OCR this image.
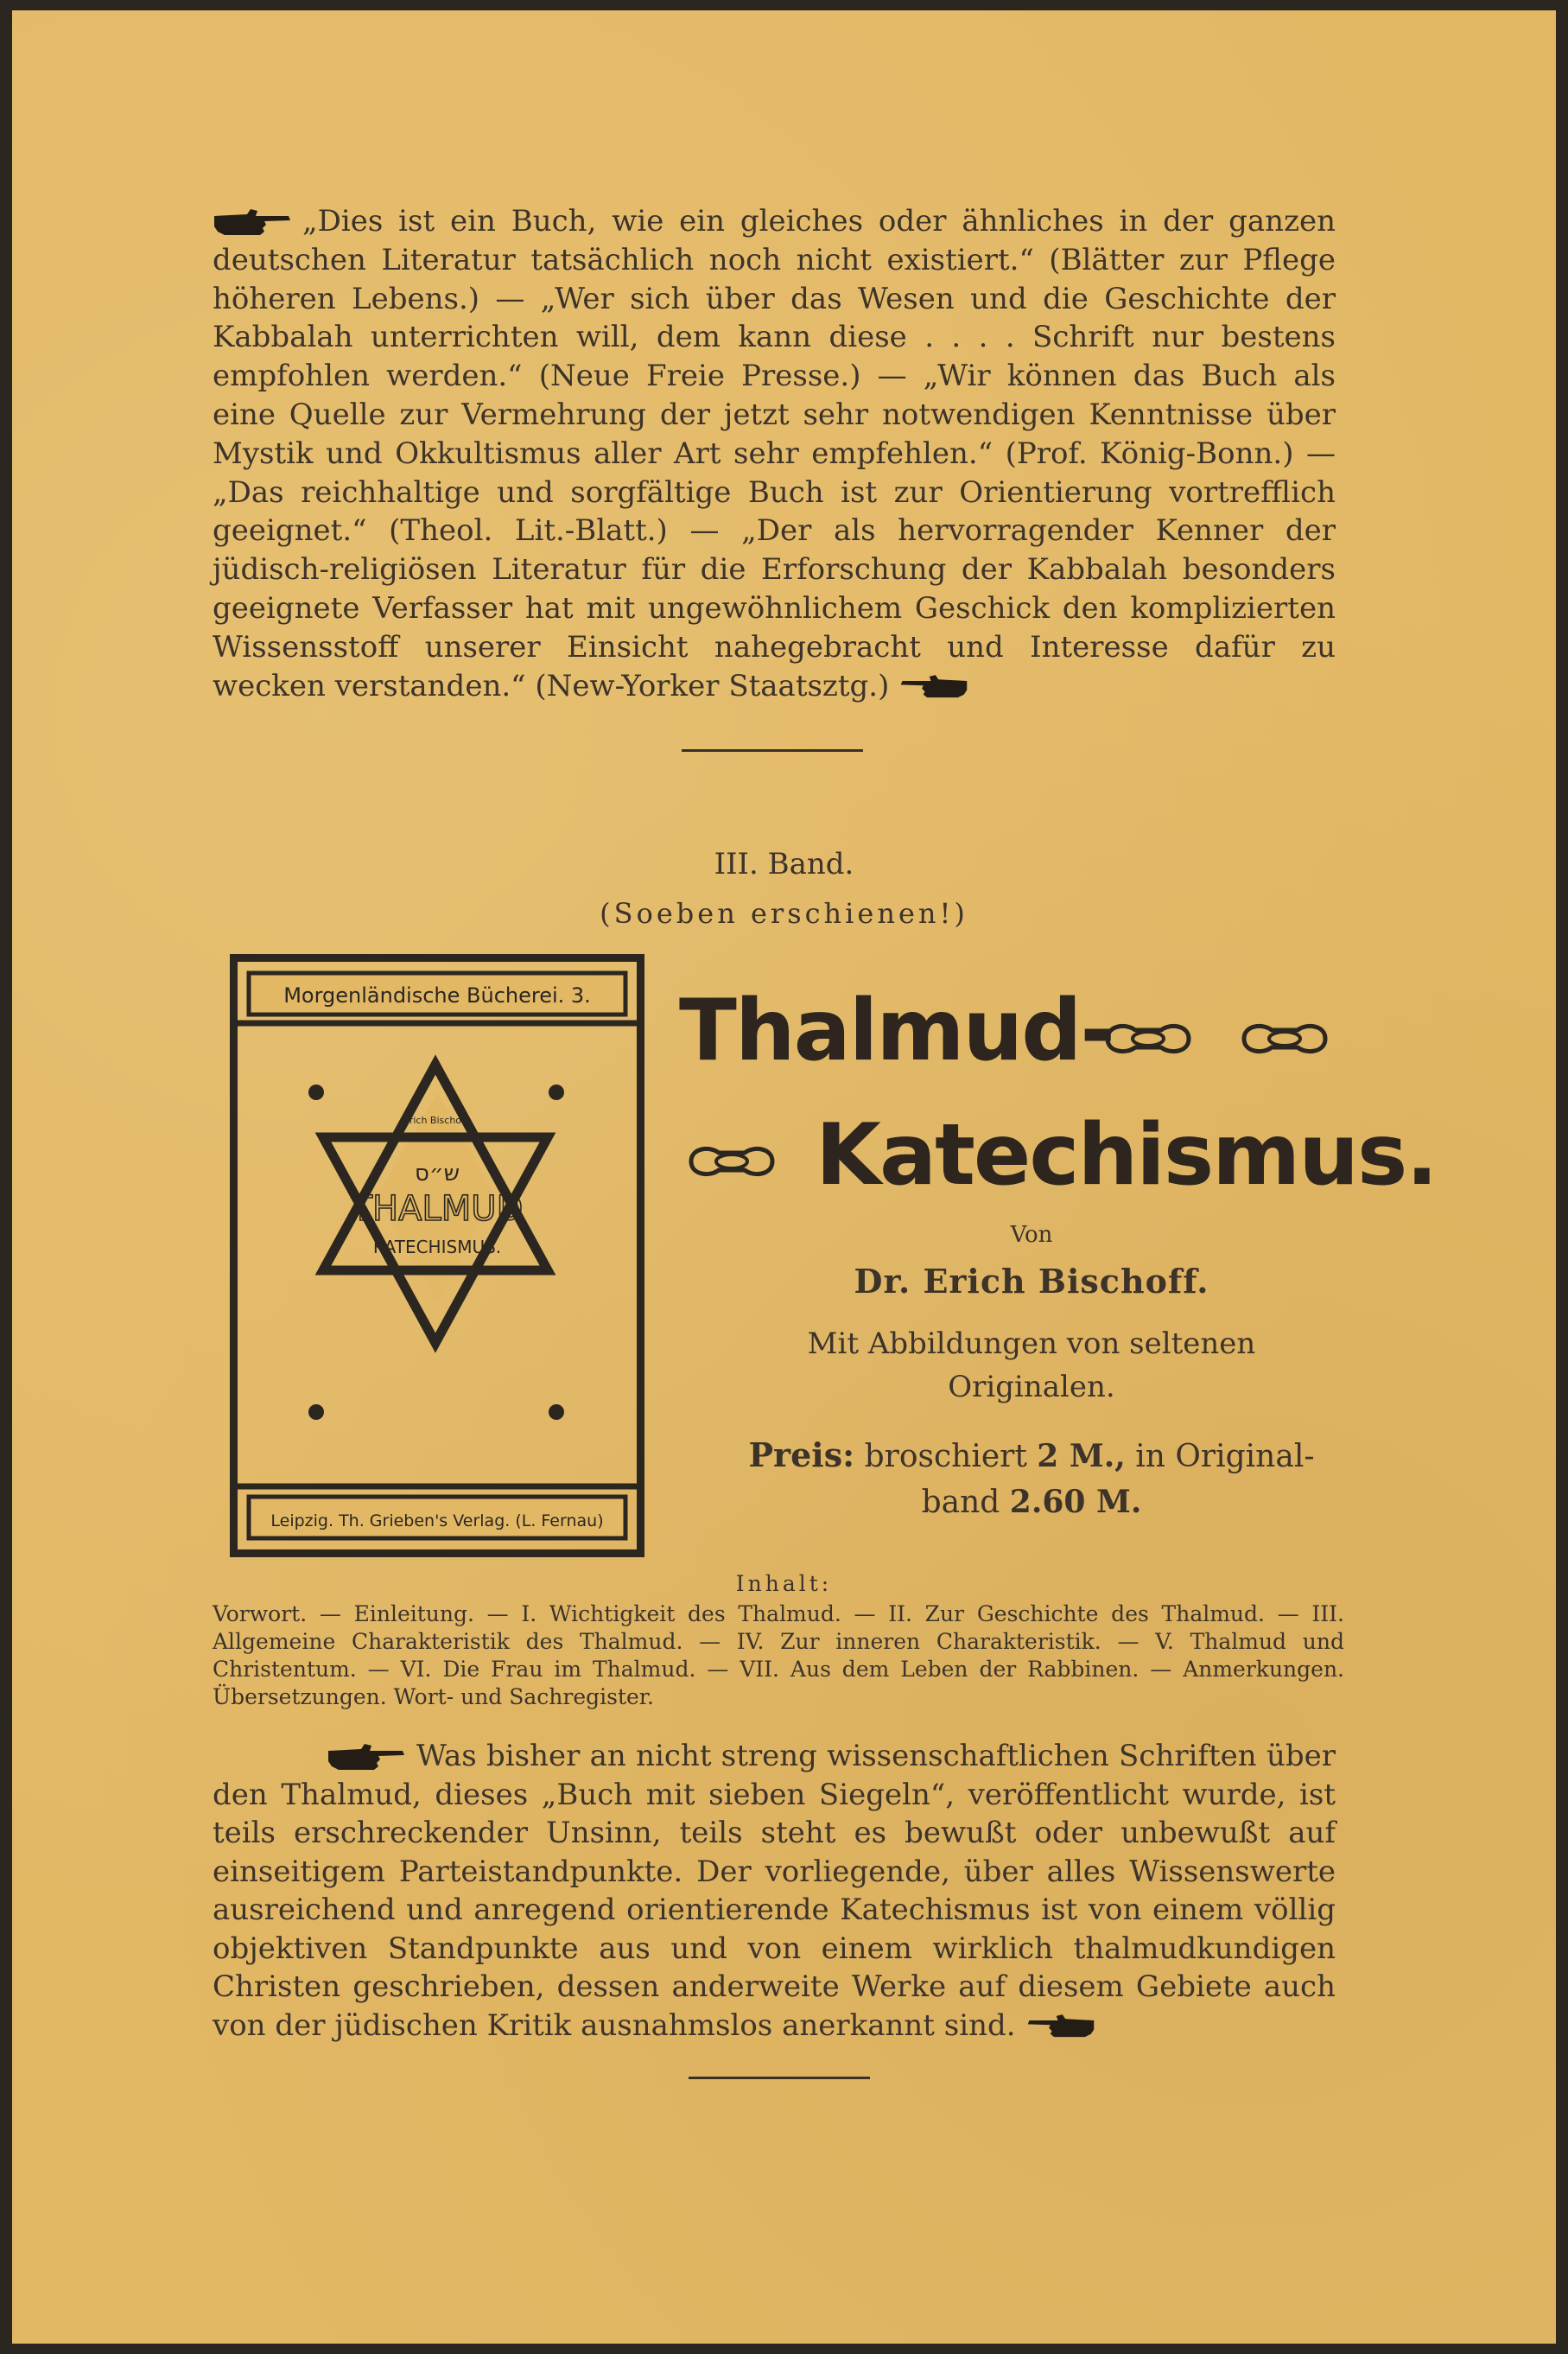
„Dies ist ein Buch, wie ein gleiches oder ähnliches in der ganzen deutschen Literatur tatsächlich noch nicht existiert.“ (Blätter zur Pflege höheren Lebens.) — „Wer sich über das Wesen und die Geschichte der Kabbalah unterrichten will, dem kann diese . . . . Schrift nur bestens empfohlen werden.“ (Neue Freie Presse.) — „Wir können das Buch als eine Quelle zur Vermehrung der jetzt sehr notwendigen Kenntnisse über Mystik und Okkultismus aller Art sehr empfehlen.“ (Prof. König-Bonn.) — „Das reichhaltige und sorgfältige Buch ist zur Orientierung vortrefflich geeignet.“ (Theol. Lit.-Blatt.) — „Der als hervorragender Kenner der jüdisch-religiösen Literatur für die Erforschung der Kabbalah besonders geeignete Verfasser hat mit ungewöhnlichem Geschick den komplizierten Wissensstoff unserer Einsicht nahegebracht und Interesse dafür zu wecken verstanden.“ (New-Yorker Staatsztg.)
III. Band.
(Soeben erschienen!)
Morgenländische Bücherei. 3.
Leipzig. Th. Grieben's Verlag. (L. Fernau)
Erich Bischoff.
ש״ס
THALMUD
KATECHISMUS.
Thalmud-
Katechismus.
Von
Dr. Erich Bischoff.
Mit Abbildungen von seltenen Originalen.
Preis: broschiert 2 M., in Original-band 2.60 M.
Inhalt:
Vorwort. — Einleitung. — I. Wichtigkeit des Thalmud. — II. Zur Geschichte des Thalmud. — III. Allgemeine Charakteristik des Thalmud. — IV. Zur inneren Charakteristik. — V. Thalmud und Christentum. — VI. Die Frau im Thalmud. — VII. Aus dem Leben der Rabbinen. — Anmerkungen. Übersetzungen. Wort- und Sachregister.
Was bisher an nicht streng wissenschaftlichen Schriften über den Thalmud, dieses „Buch mit sieben Siegeln“, veröffentlicht wurde, ist teils erschreckender Unsinn, teils steht es bewußt oder unbewußt auf einseitigem Parteistandpunkte. Der vorliegende, über alles Wissenswerte ausreichend und anregend orientierende Katechismus ist von einem völlig objektiven Standpunkte aus und von einem wirklich thalmudkundigen Christen geschrieben, dessen anderweite Werke auf diesem Gebiete auch von der jüdischen Kritik ausnahmslos anerkannt sind.
